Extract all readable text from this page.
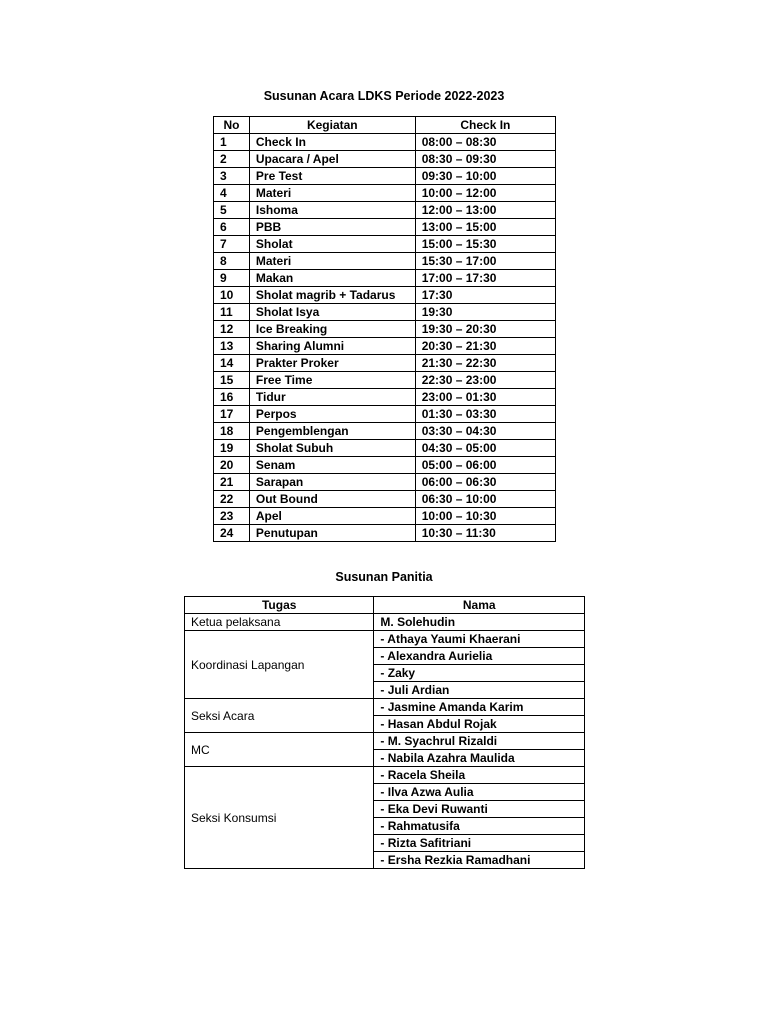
Susunan Acara LDKS Periode 2022-2023
No	Kegiatan	Check In
1	Check In	08:00 – 08:30
2	Upacara / Apel	08:30 – 09:30
3	Pre Test	09:30 – 10:00
4	Materi	10:00 – 12:00
5	Ishoma	12:00 – 13:00
6	PBB	13:00 – 15:00
7	Sholat	15:00 – 15:30
8	Materi	15:30 – 17:00
9	Makan	17:00 – 17:30
10	Sholat magrib + Tadarus	17:30
11	Sholat Isya	19:30
12	Ice Breaking	19:30 – 20:30
13	Sharing Alumni	20:30 – 21:30
14	Prakter Proker	21:30 – 22:30
15	Free Time	22:30 – 23:00
16	Tidur	23:00 – 01:30
17	Perpos	01:30 – 03:30
18	Pengemblengan	03:30 – 04:30
19	Sholat Subuh	04:30 – 05:00
20	Senam	05:00 – 06:00
21	Sarapan	06:00 – 06:30
22	Out Bound	06:30 – 10:00
23	Apel	10:00 – 10:30
24	Penutupan	10:30 – 11:30
Susunan Panitia
Tugas	Nama
Ketua pelaksana	M. Solehudin
Koordinasi Lapangan	- Athaya Yaumi Khaerani
	- Alexandra Aurielia
	- Zaky
	- Juli Ardian
Seksi Acara	- Jasmine Amanda Karim
	- Hasan Abdul Rojak
MC	- M. Syachrul Rizaldi
	- Nabila Azahra Maulida
Seksi Konsumsi	- Racela Sheila
	- Ilva Azwa Aulia
	- Eka Devi Ruwanti
	- Rahmatusifa
	- Rizta Safitriani
	- Ersha Rezkia Ramadhani
